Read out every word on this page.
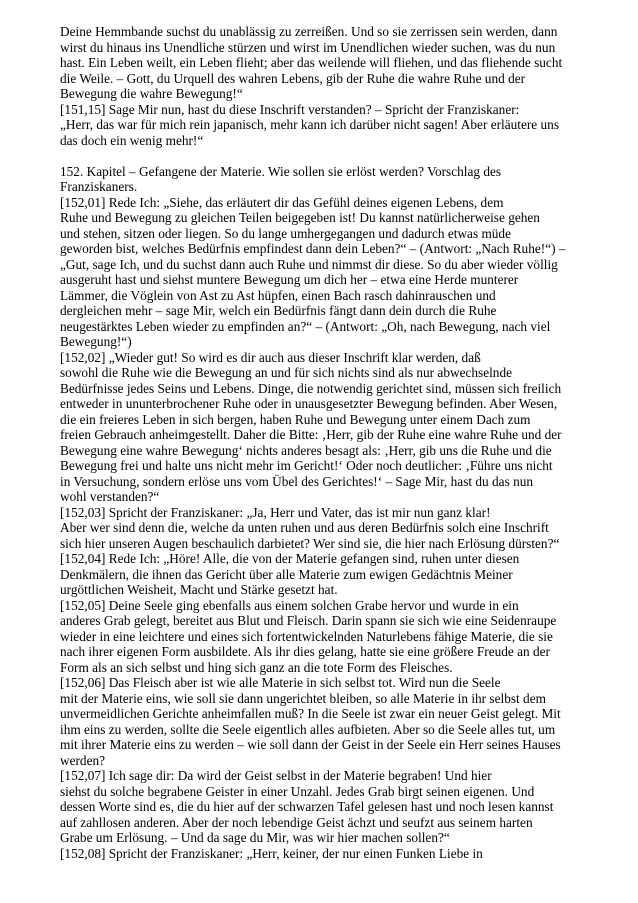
Deine Hemmbande suchst du unablässig zu zerreißen. Und so sie zerrissen sein werden, dann
wirst du hinaus ins Unendliche stürzen und wirst im Unendlichen wieder suchen, was du nun
hast. Ein Leben weilt, ein Leben flieht; aber das weilende will fliehen, und das fliehende sucht
die Weile. – Gott, du Urquell des wahren Lebens, gib der Ruhe die wahre Ruhe und der
Bewegung die wahre Bewegung!“
[151,15] Sage Mir nun, hast du diese Inschrift verstanden? – Spricht der Franziskaner:
„Herr, das war für mich rein japanisch, mehr kann ich darüber nicht sagen! Aber erläutere uns
das doch ein wenig mehr!“
152. Kapitel – Gefangene der Materie. Wie sollen sie erlöst werden? Vorschlag des
Franziskaners.
[152,01] Rede Ich: „Siehe, das erläutert dir das Gefühl deines eigenen Lebens, dem
Ruhe und Bewegung zu gleichen Teilen beigegeben ist! Du kannst natürlicherweise gehen
und stehen, sitzen oder liegen. So du lange umhergegangen und dadurch etwas müde
geworden bist, welches Bedürfnis empfindest dann dein Leben?“ – (Antwort: „Nach Ruhe!“) –
„Gut, sage Ich, und du suchst dann auch Ruhe und nimmst dir diese. So du aber wieder völlig
ausgeruht hast und siehst muntere Bewegung um dich her – etwa eine Herde munterer
Lämmer, die Vöglein von Ast zu Ast hüpfen, einen Bach rasch dahinrauschen und
dergleichen mehr – sage Mir, welch ein Bedürfnis fängt dann dein durch die Ruhe
neugestärktes Leben wieder zu empfinden an?“ – (Antwort: „Oh, nach Bewegung, nach viel
Bewegung!“)
[152,02] „Wieder gut! So wird es dir auch aus dieser Inschrift klar werden, daß
sowohl die Ruhe wie die Bewegung an und für sich nichts sind als nur abwechselnde
Bedürfnisse jedes Seins und Lebens. Dinge, die notwendig gerichtet sind, müssen sich freilich
entweder in ununterbrochener Ruhe oder in unausgesetzter Bewegung befinden. Aber Wesen,
die ein freieres Leben in sich bergen, haben Ruhe und Bewegung unter einem Dach zum
freien Gebrauch anheimgestellt. Daher die Bitte: ‚Herr, gib der Ruhe eine wahre Ruhe und der
Bewegung eine wahre Bewegung‘ nichts anderes besagt als: ‚Herr, gib uns die Ruhe und die
Bewegung frei und halte uns nicht mehr im Gericht!‘ Oder noch deutlicher: ‚Führe uns nicht
in Versuchung, sondern erlöse uns vom Übel des Gerichtes!‘ – Sage Mir, hast du das nun
wohl verstanden?“
[152,03] Spricht der Franziskaner: „Ja, Herr und Vater, das ist mir nun ganz klar!
Aber wer sind denn die, welche da unten ruhen und aus deren Bedürfnis solch eine Inschrift
sich hier unseren Augen beschaulich darbietet? Wer sind sie, die hier nach Erlösung dürsten?“
[152,04] Rede Ich: „Höre! Alle, die von der Materie gefangen sind, ruhen unter diesen
Denkmälern, die ihnen das Gericht über alle Materie zum ewigen Gedächtnis Meiner
urgöttlichen Weisheit, Macht und Stärke gesetzt hat.
[152,05] Deine Seele ging ebenfalls aus einem solchen Grabe hervor und wurde in ein
anderes Grab gelegt, bereitet aus Blut und Fleisch. Darin spann sie sich wie eine Seidenraupe
wieder in eine leichtere und eines sich fortentwickelnden Naturlebens fähige Materie, die sie
nach ihrer eigenen Form ausbildete. Als ihr dies gelang, hatte sie eine größere Freude an der
Form als an sich selbst und hing sich ganz an die tote Form des Fleisches.
[152,06] Das Fleisch aber ist wie alle Materie in sich selbst tot. Wird nun die Seele
mit der Materie eins, wie soll sie dann ungerichtet bleiben, so alle Materie in ihr selbst dem
unvermeidlichen Gerichte anheimfallen muß? In die Seele ist zwar ein neuer Geist gelegt. Mit
ihm eins zu werden, sollte die Seele eigentlich alles aufbieten. Aber so die Seele alles tut, um
mit ihrer Materie eins zu werden – wie soll dann der Geist in der Seele ein Herr seines Hauses
werden?
[152,07] Ich sage dir: Da wird der Geist selbst in der Materie begraben! Und hier
siehst du solche begrabene Geister in einer Unzahl. Jedes Grab birgt seinen eigenen. Und
dessen Worte sind es, die du hier auf der schwarzen Tafel gelesen hast und noch lesen kannst
auf zahllosen anderen. Aber der noch lebendige Geist ächzt und seufzt aus seinem harten
Grabe um Erlösung. – Und da sage du Mir, was wir hier machen sollen?“
[152,08] Spricht der Franziskaner: „Herr, keiner, der nur einen Funken Liebe in
